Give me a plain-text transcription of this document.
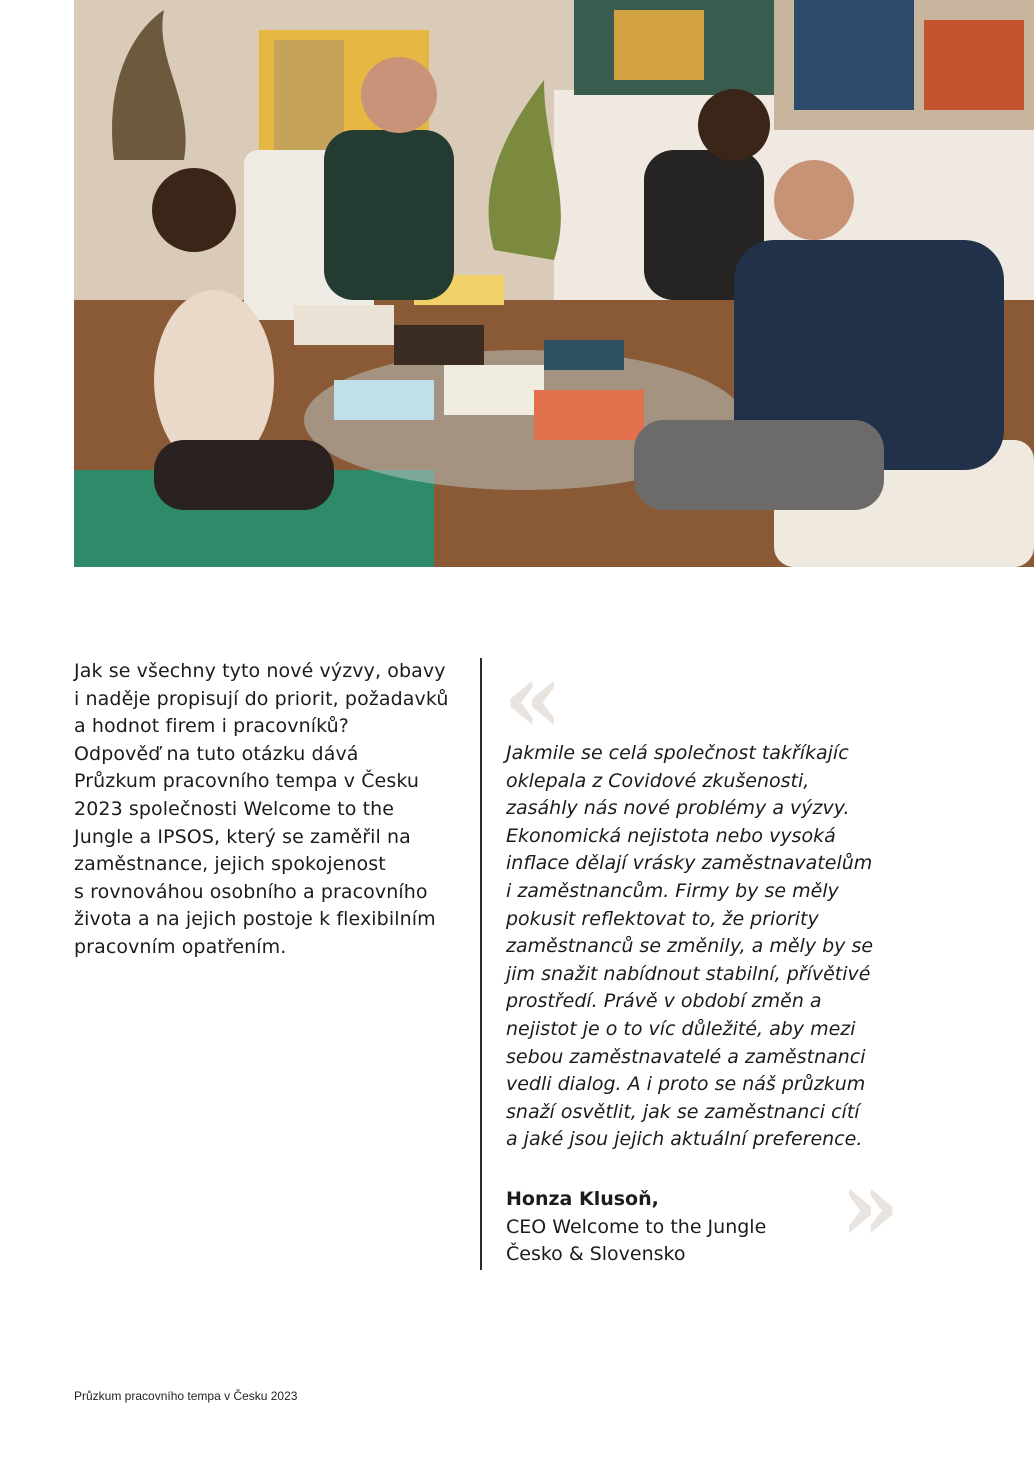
Jak se všechny tyto nové výzvy, obavy
i naděje propisují do priorit, požadavků
a hodnot firem i pracovníků?
Odpověď na tuto otázku dává
Průzkum pracovního tempa v Česku
2023 společnosti Welcome to the
Jungle a IPSOS, který se zaměřil na
zaměstnance, jejich spokojenost
s rovnováhou osobního a pracovního
života a na jejich postoje k flexibilním
pracovním opatřením.
«
Jakmile se celá společnost takříkajíc
oklepala z Covidové zkušenosti,
zasáhly nás nové problémy a výzvy.
Ekonomická nejistota nebo vysoká
inflace dělají vrásky zaměstnavatelům
i zaměstnancům. Firmy by se měly
pokusit reflektovat to, že priority
zaměstnanců se změnily, a měly by se
jim snažit nabídnout stabilní, přívětivé
prostředí. Právě v období změn a
nejistot je o to víc důležité, aby mezi
sebou zaměstnavatelé a zaměstnanci
vedli dialog. A i proto se náš průzkum
snaží osvětlit, jak se zaměstnanci cítí
a jaké jsou jejich aktuální preference.
»
Honza Klusoň,
CEO Welcome to the Jungle
Česko & Slovensko
Průzkum pracovního tempa v Česku 2023
